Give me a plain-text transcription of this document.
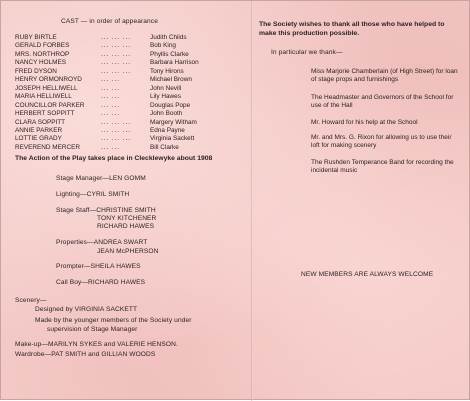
CAST — in order of appearance
RUBY BIRTLE	... ... ...	Judith Childs
GERALD FORBES	... ... ...	Bob King
MRS. NORTHROP	... ... ...	Phyllis Clarke
NANCY HOLMES	... ... ...	Barbara Harrison
FRED DYSON	... ... ...	Tony Hirons
HENRY ORMONROYD	... ...	Michael Brown
JOSEPH HELLIWELL	... ...	John Nevill
MARIA HELLIWELL	... ...	Lily Hawes
COUNCILLOR PARKER	... ...	Douglas Pope
HERBERT SOPPITT	... ...	John Booth
CLARA SOPPITT	... ... ...	Margery Witham
ANNIE PARKER	... ... ...	Edna Payne
LOTTIE GRADY	... ... ...	Virginia Sackett
REVEREND MERCER	... ...	Bill Clarke
The Action of the Play takes place in Clecklewyke about 1908
Stage Manager—LEN GOMM
Lighting—CYRIL SMITH
Stage Staff—CHRISTINE SMITH
TONY KITCHENER
RICHARD HAWES
Properties—ANDREA SWART
JEAN McPHERSON
Prompter—SHEILA HAWES
Call Boy—RICHARD HAWES
Scenery—
Designed by VIRGINIA SACKETT
Made by the younger members of the Society under
supervision of Stage Manager
Make-up—MARILYN SYKES and VALERIE HENSON.
Wardrobe—PAT SMITH and GILLIAN WOODS
The Society wishes to thank all those who have helped to
make this production possible.
In particular we thank—
Miss Marjorie Chamberlain (of High Street) for loan
of stage props and furnishings
The Headmaster and Governors of the School for
use of the Hall
Mr. Howard for his help at the School
Mr. and Mrs. G. Rixon for allowing us to use their
loft for making scenery
The Rushden Temperance Band for recording the
incidental music
NEW MEMBERS ARE ALWAYS WELCOME
